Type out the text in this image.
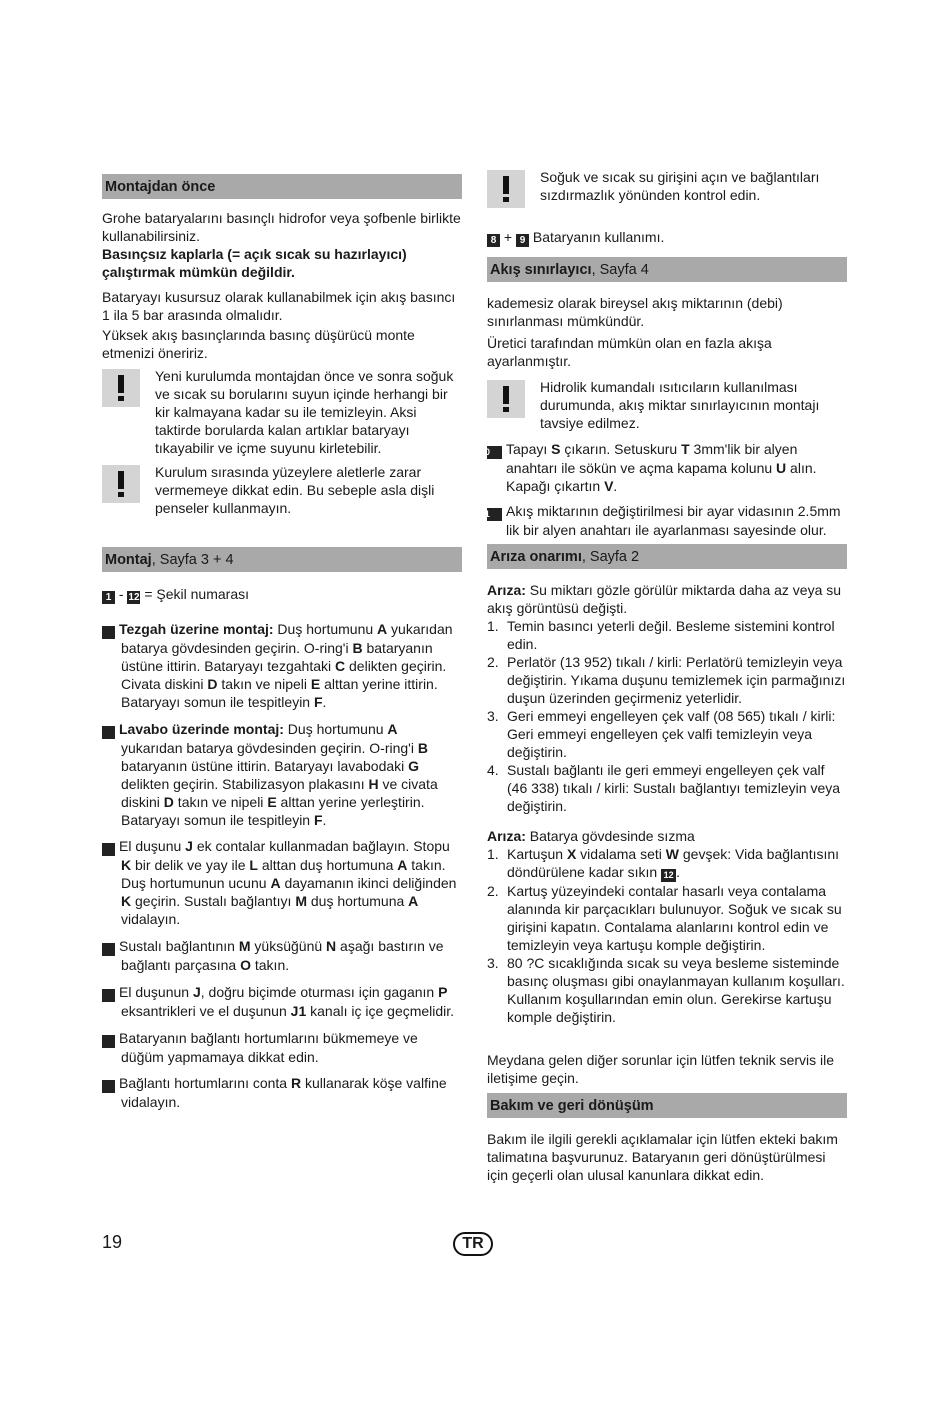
Montajdan önce

Grohe bataryalarını basınçlı hidrofor veya şofbenle birlikte kullanabilirsiniz.

Basınçsız kaplarla (= açık sıcak su hazırlayıcı) çalıştırmak mümkün değildir.

Bataryayı kusursuz olarak kullanabilmek için akış basıncı 1 ila 5 bar arasında olmalıdır.

Yüksek akış basınçlarında basınç düşürücü monte etmenizi öneririz.

Yeni kurulumda montajdan önce ve sonra soğuk ve sıcak su borularını suyun içinde herhangi bir kir kalmayana kadar su ile temizleyin. Aksi taktirde borularda kalan artıklar bataryayı tıkayabilir ve içme suyunu kirletebilir.

Kurulum sırasında yüzeylere aletlerle zarar vermemeye dikkat edin. Bu sebeple asla dişli penseler kullanmayın.

Montaj, Sayfa 3 + 4
1 - 12 = Şekil numarası
1 Tezgah üzerine montaj: Duş hortumunu A yukarıdan batarya gövdesinden geçirin. O-ring'i B bataryanın üstüne ittirin. Bataryayı tezgahtaki C delikten geçirin. Civata diskini D takın ve nipeli E alttan yerine ittirin. Bataryayı somun ile tespitleyin F.
2 Lavabo üzerinde montaj: Duş hortumunu A yukarıdan batarya gövdesinden geçirin. O-ring'i B bataryanın üstüne ittirin. Bataryayı lavabodaki G delikten geçirin. Stabilizasyon plakasını H ve civata diskini D takın ve nipeli E alttan yerine yerleştirin. Bataryayı somun ile tespitleyin F.
3 El duşunu J ek contalar kullanmadan bağlayın. Stopu K bir delik ve yay ile L alttan duş hortumuna A takın. Duş hortumunun ucunu A dayamanın ikinci deliğinden K geçirin. Sustalı bağlantıyı M duş hortumuna A vidalayın.
4 Sustalı bağlantının M yüksüğünü N aşağı bastırın ve bağlantı parçasına O takın.
5 El duşunun J, doğru biçimde oturması için gaganın P eksantrikleri ve el duşunun J1 kanalı iç içe geçmelidir.
6 Bataryanın bağlantı hortumlarını bükmemeye ve düğüm yapmamaya dikkat edin.
7 Bağlantı hortumlarını conta R kullanarak köşe valfine vidalayın.

Soğuk ve sıcak su girişini açın ve bağlantıları sızdırmazlık yönünden kontrol edin.

8 + 9 Bataryanın kullanımı.
Akış sınırlayıcı, Sayfa 4

kademesiz olarak bireysel akış miktarının (debi) sınırlanması mümkündür.

Üretici tarafından mümkün olan en fazla akışa ayarlanmıştır.

Hidrolik kumandalı ısıtıcıların kullanılması durumunda, akış miktar sınırlayıcının montajı tavsiye edilmez.

10 Tapayı S çıkarın. Setuskuru T 3mm'lik bir alyen anahtarı ile sökün ve açma kapama kolunu U alın. Kapağı çıkartın V.
11 Akış miktarının değiştirilmesi bir ayar vidasının 2.5mm lik bir alyen anahtarı ile ayarlanması sayesinde olur.
Arıza onarımı, Sayfa 2

Arıza: Su miktarı gözle görülür miktarda daha az veya su akış görüntüsü değişti.

1. Temin basıncı yeterli değil. Besleme sistemini kontrol edin.
2. Perlatör (13 952) tıkalı / kirli: Perlatörü temizleyin veya değiştirin. Yıkama duşunu temizlemek için parmağınızı duşun üzerinden geçirmeniz yeterlidir.
3. Geri emmeyi engelleyen çek valf (08 565) tıkalı / kirli: Geri emmeyi engelleyen çek valfi temizleyin veya değiştirin.
4. Sustalı bağlantı ile geri emmeyi engelleyen çek valf (46 338) tıkalı / kirli: Sustalı bağlantıyı temizleyin veya değiştirin.

Arıza: Batarya gövdesinde sızma

1. Kartuşun X vidalama seti W gevşek: Vida bağlantısını döndürülene kadar sıkın 12 .
2. Kartuş yüzeyindeki contalar hasarlı veya contalama alanında kir parçacıkları bulunuyor. Soğuk ve sıcak su girişini kapatın. Contalama alanlarını kontrol edin ve temizleyin veya kartuşu komple değiştirin.
3. 80 ?C sıcaklığında sıcak su veya besleme sisteminde basınç oluşması gibi onaylanmayan kullanım koşulları.
Kullanım koşullarından emin olun. Gerekirse kartuşu komple değiştirin.

Meydana gelen diğer sorunlar için lütfen teknik servis ile iletişime geçin.

Bakım ve geri dönüşüm

Bakım ile ilgili gerekli açıklamalar için lütfen ekteki bakım talimatına başvurunuz. Bataryanın geri dönüştürülmesi için geçerli olan ulusal kanunlara dikkat edin.

19	TR
